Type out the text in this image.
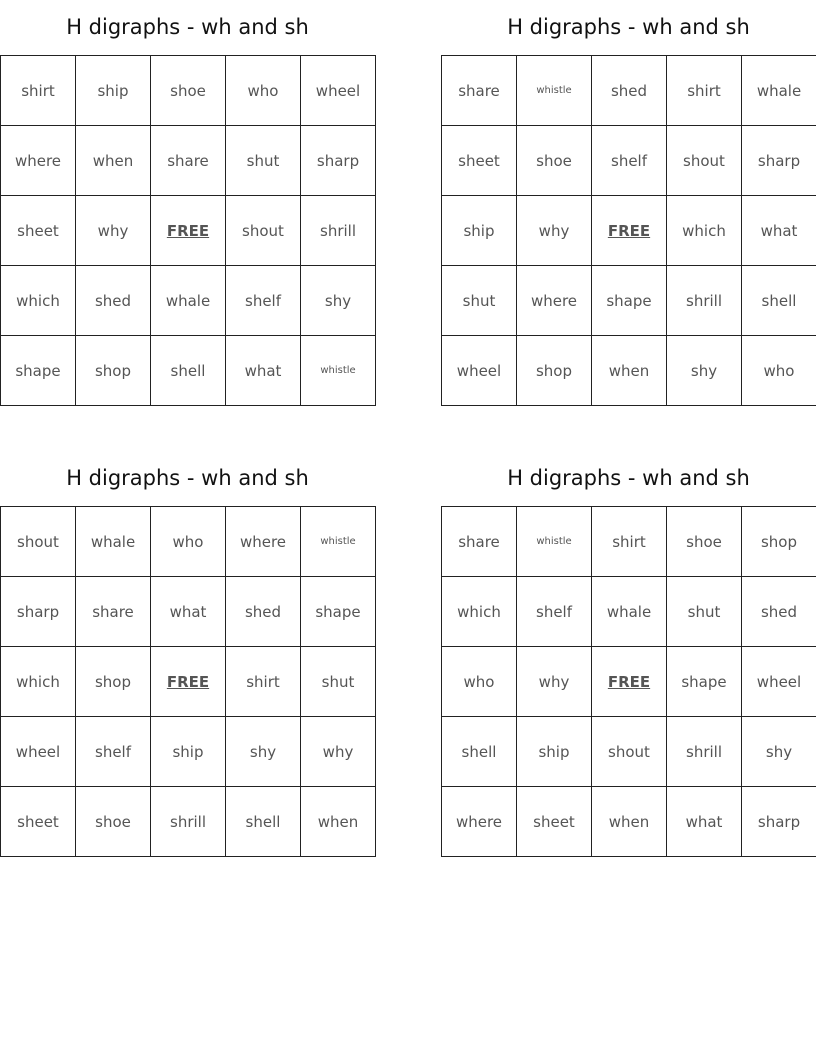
H digraphs - wh and sh
shirt	ship	shoe	who	wheel
where	when	share	shut	sharp
sheet	why	FREE	shout	shrill
which	shed	whale	shelf	shy
shape	shop	shell	what	whistle
H digraphs - wh and sh
share	whistle	shed	shirt	whale
sheet	shoe	shelf	shout	sharp
ship	why	FREE	which	what
shut	where	shape	shrill	shell
wheel	shop	when	shy	who
H digraphs - wh and sh
shout	whale	who	where	whistle
sharp	share	what	shed	shape
which	shop	FREE	shirt	shut
wheel	shelf	ship	shy	why
sheet	shoe	shrill	shell	when
H digraphs - wh and sh
share	whistle	shirt	shoe	shop
which	shelf	whale	shut	shed
who	why	FREE	shape	wheel
shell	ship	shout	shrill	shy
where	sheet	when	what	sharp
